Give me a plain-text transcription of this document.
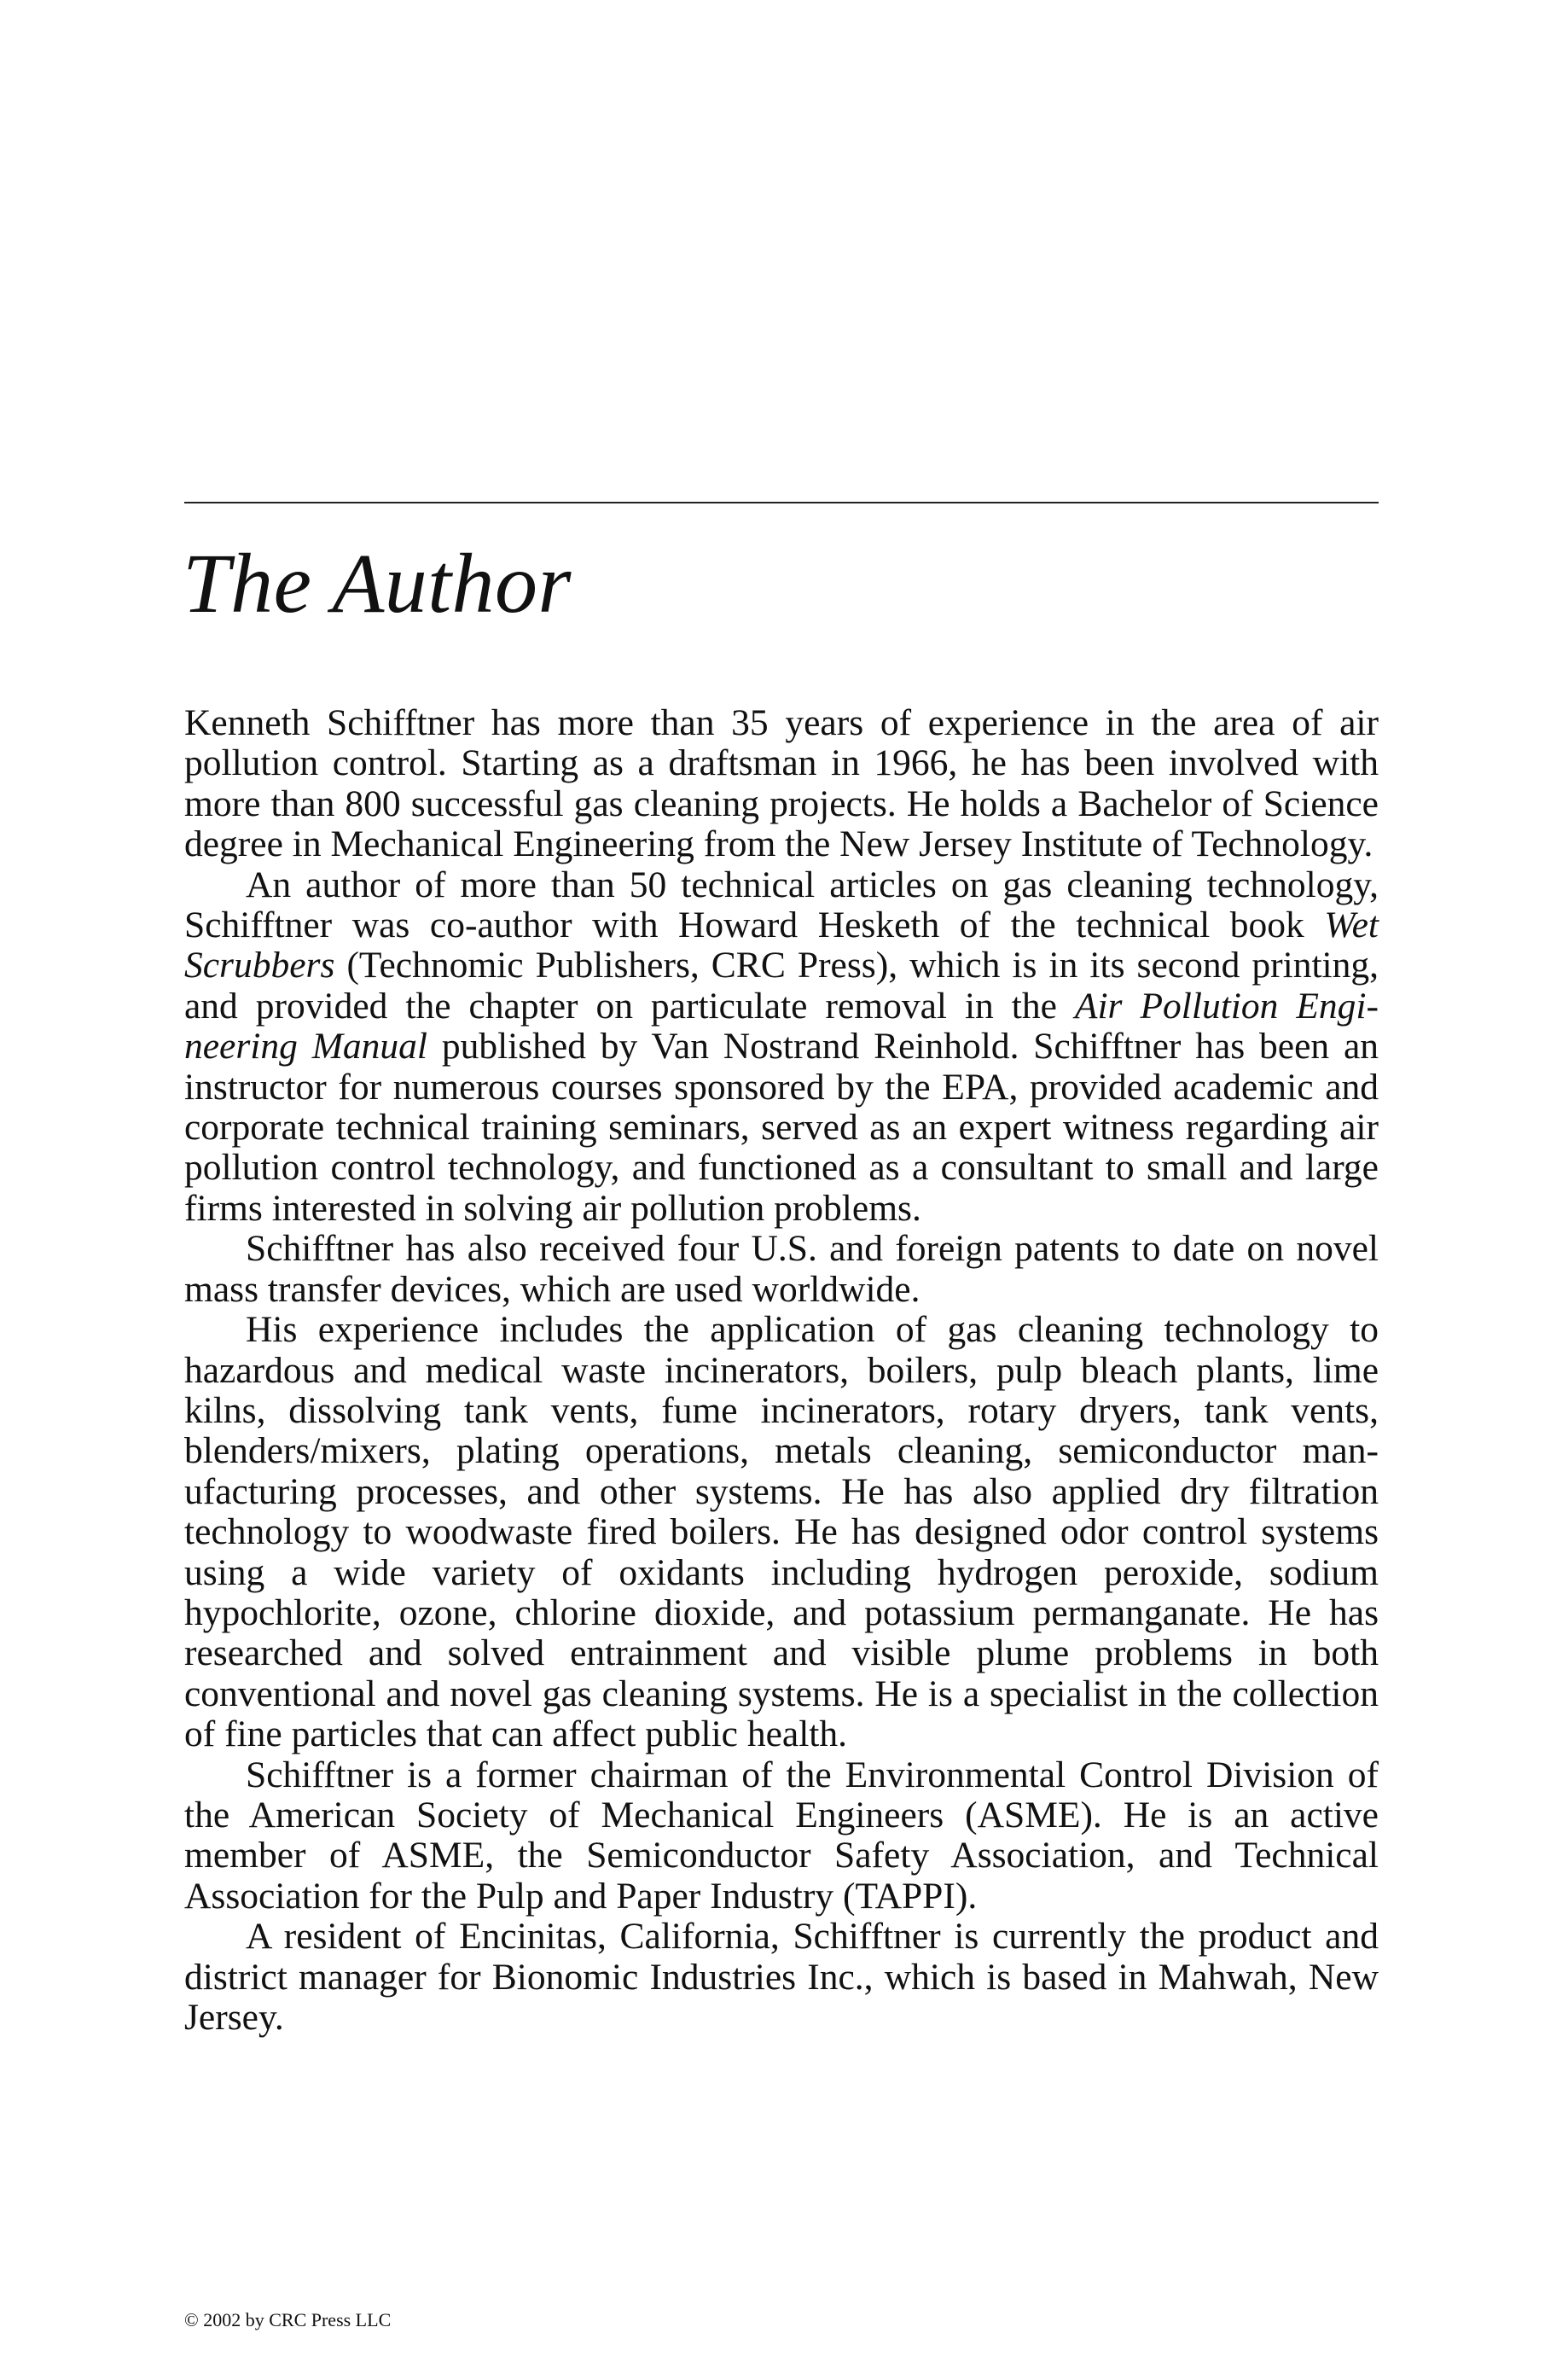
The Author

Kenneth Schifftner has more than 35 years of experience in the area of air pollution control. Starting as a draftsman in 1966, he has been involved with more than 800 successful gas cleaning projects. He holds a Bachelor of Science degree in Mechanical Engineering from the New Jersey Institute of Technology.

An author of more than 50 technical articles on gas cleaning technology, Schifftner was co-author with Howard Hesketh of the technical book Wet Scrubbers (Technomic Publishers, CRC Press), which is in its second printing, and provided the chapter on particulate removal in the Air Pollution Engineering Manual published by Van Nostrand Reinhold. Schifftner has been an instructor for numerous courses sponsored by the EPA, provided academic and corporate technical training seminars, served as an expert witness regarding air pollution control technology, and functioned as a consultant to small and large firms interested in solving air pollution problems.

Schifftner has also received four U.S. and foreign patents to date on novel mass transfer devices, which are used worldwide.

His experience includes the application of gas cleaning technology to hazardous and medical waste incinerators, boilers, pulp bleach plants, lime kilns, dissolving tank vents, fume incinerators, rotary dryers, tank vents, blenders/mixers, plating operations, metals cleaning, semiconductor manufacturing processes, and other systems. He has also applied dry filtration technology to woodwaste fired boilers. He has designed odor control systems using a wide variety of oxidants including hydrogen peroxide, sodium hypochlorite, ozone, chlorine dioxide, and potassium permanganate. He has researched and solved entrainment and visible plume problems in both conventional and novel gas cleaning systems. He is a specialist in the collection of fine particles that can affect public health.

Schifftner is a former chairman of the Environmental Control Division of the American Society of Mechanical Engineers (ASME). He is an active member of ASME, the Semiconductor Safety Association, and Technical Association for the Pulp and Paper Industry (TAPPI).

A resident of Encinitas, California, Schifftner is currently the product and district manager for Bionomic Industries Inc., which is based in Mahwah, New Jersey.

© 2002 by CRC Press LLC
